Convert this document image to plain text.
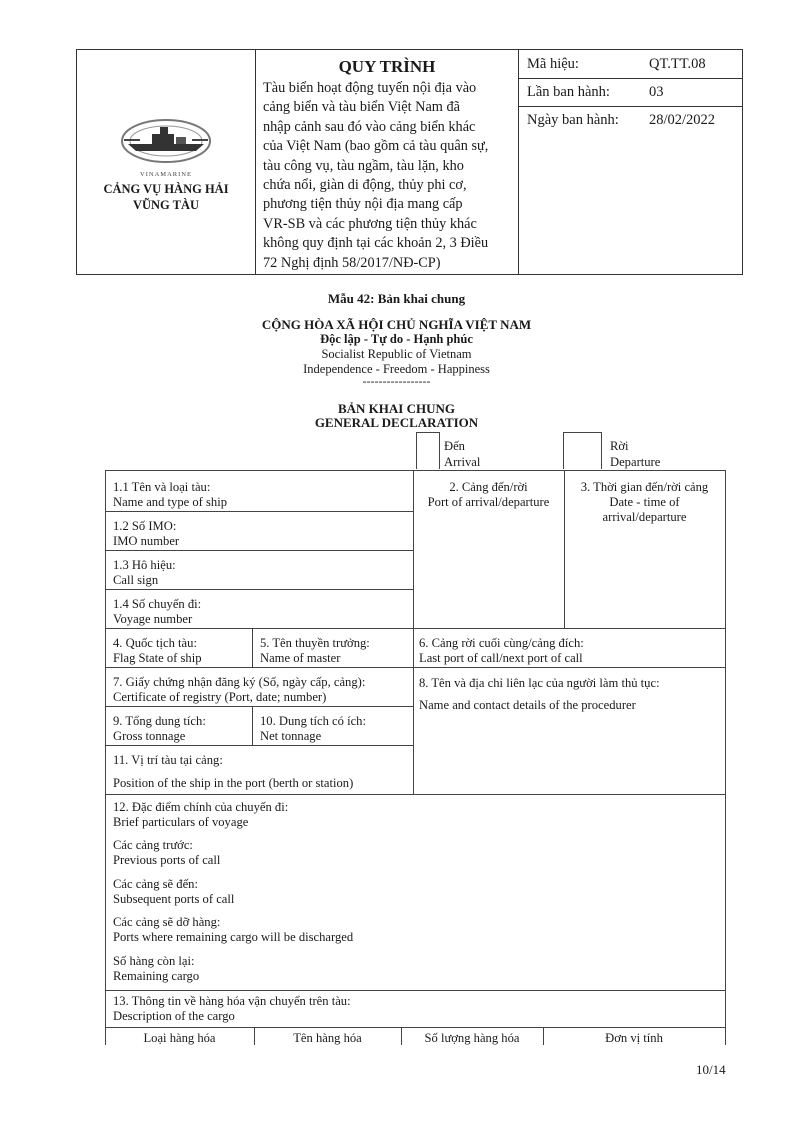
VINAMARINE
CẢNG VỤ HÀNG HẢI
VŨNG TÀU
QUY TRÌNH
Tàu biển hoạt động tuyến nội địa vào
cảng biển và tàu biển Việt Nam đã
nhập cảnh sau đó vào cảng biển khác
của Việt Nam (bao gồm cả tàu quân sự,
tàu công vụ, tàu ngầm, tàu lặn, kho
chứa nổi, giàn di động, thủy phi cơ,
phương tiện thủy nội địa mang cấp
VR-SB và các phương tiện thủy khác
không quy định tại các khoản 2, 3 Điều
72 Nghị định 58/2017/NĐ-CP)
Mã hiệu:	QT.TT.08
Lần ban hành:	03
Ngày ban hành: 28/02/2022
Mẫu 42: Bản khai chung
CỘNG HÒA XÃ HỘI CHỦ NGHĨA VIỆT NAM
Độc lập - Tự do - Hạnh phúc
Socialist Republic of Vietnam
Independence - Freedom - Happiness
-----------------
BẢN KHAI CHUNG
GENERAL DECLARATION
Đến
Arrival
Rời
Departure
1.1 Tên và loại tàu:
Name and type of ship
2. Cảng đến/rời
Port of arrival/departure
3. Thời gian đến/rời cảng
Date - time of
arrival/departure
1.2 Số IMO:
IMO number
1.3 Hô hiệu:
Call sign
1.4 Số chuyến đi:
Voyage number
4. Quốc tịch tàu:
Flag State of ship
5. Tên thuyền trưởng:
Name of master
6. Cảng rời cuối cùng/cảng đích:
Last port of call/next port of call
7. Giấy chứng nhận đăng ký (Số, ngày cấp, cảng):
Certificate of registry (Port, date; number)
8. Tên và địa chỉ liên lạc của người làm thủ tục:
Name and contact details of the procedurer
9. Tổng dung tích:
Gross tonnage
10. Dung tích có ích:
Net tonnage
11. Vị trí tàu tại cảng:
Position of the ship in the port (berth or station)
12. Đặc điểm chính của chuyến đi:
Brief particulars of voyage
Các cảng trước:
Previous ports of call
Các cảng sẽ đến:
Subsequent ports of call
Các cảng sẽ dỡ hàng:
Ports where remaining cargo will be discharged
Số hàng còn lại:
Remaining cargo
13. Thông tin về hàng hóa vận chuyển trên tàu:
Description of the cargo
Loại hàng hóa	Tên hàng hóa	Số lượng hàng hóa	Đơn vị tính
10/14
